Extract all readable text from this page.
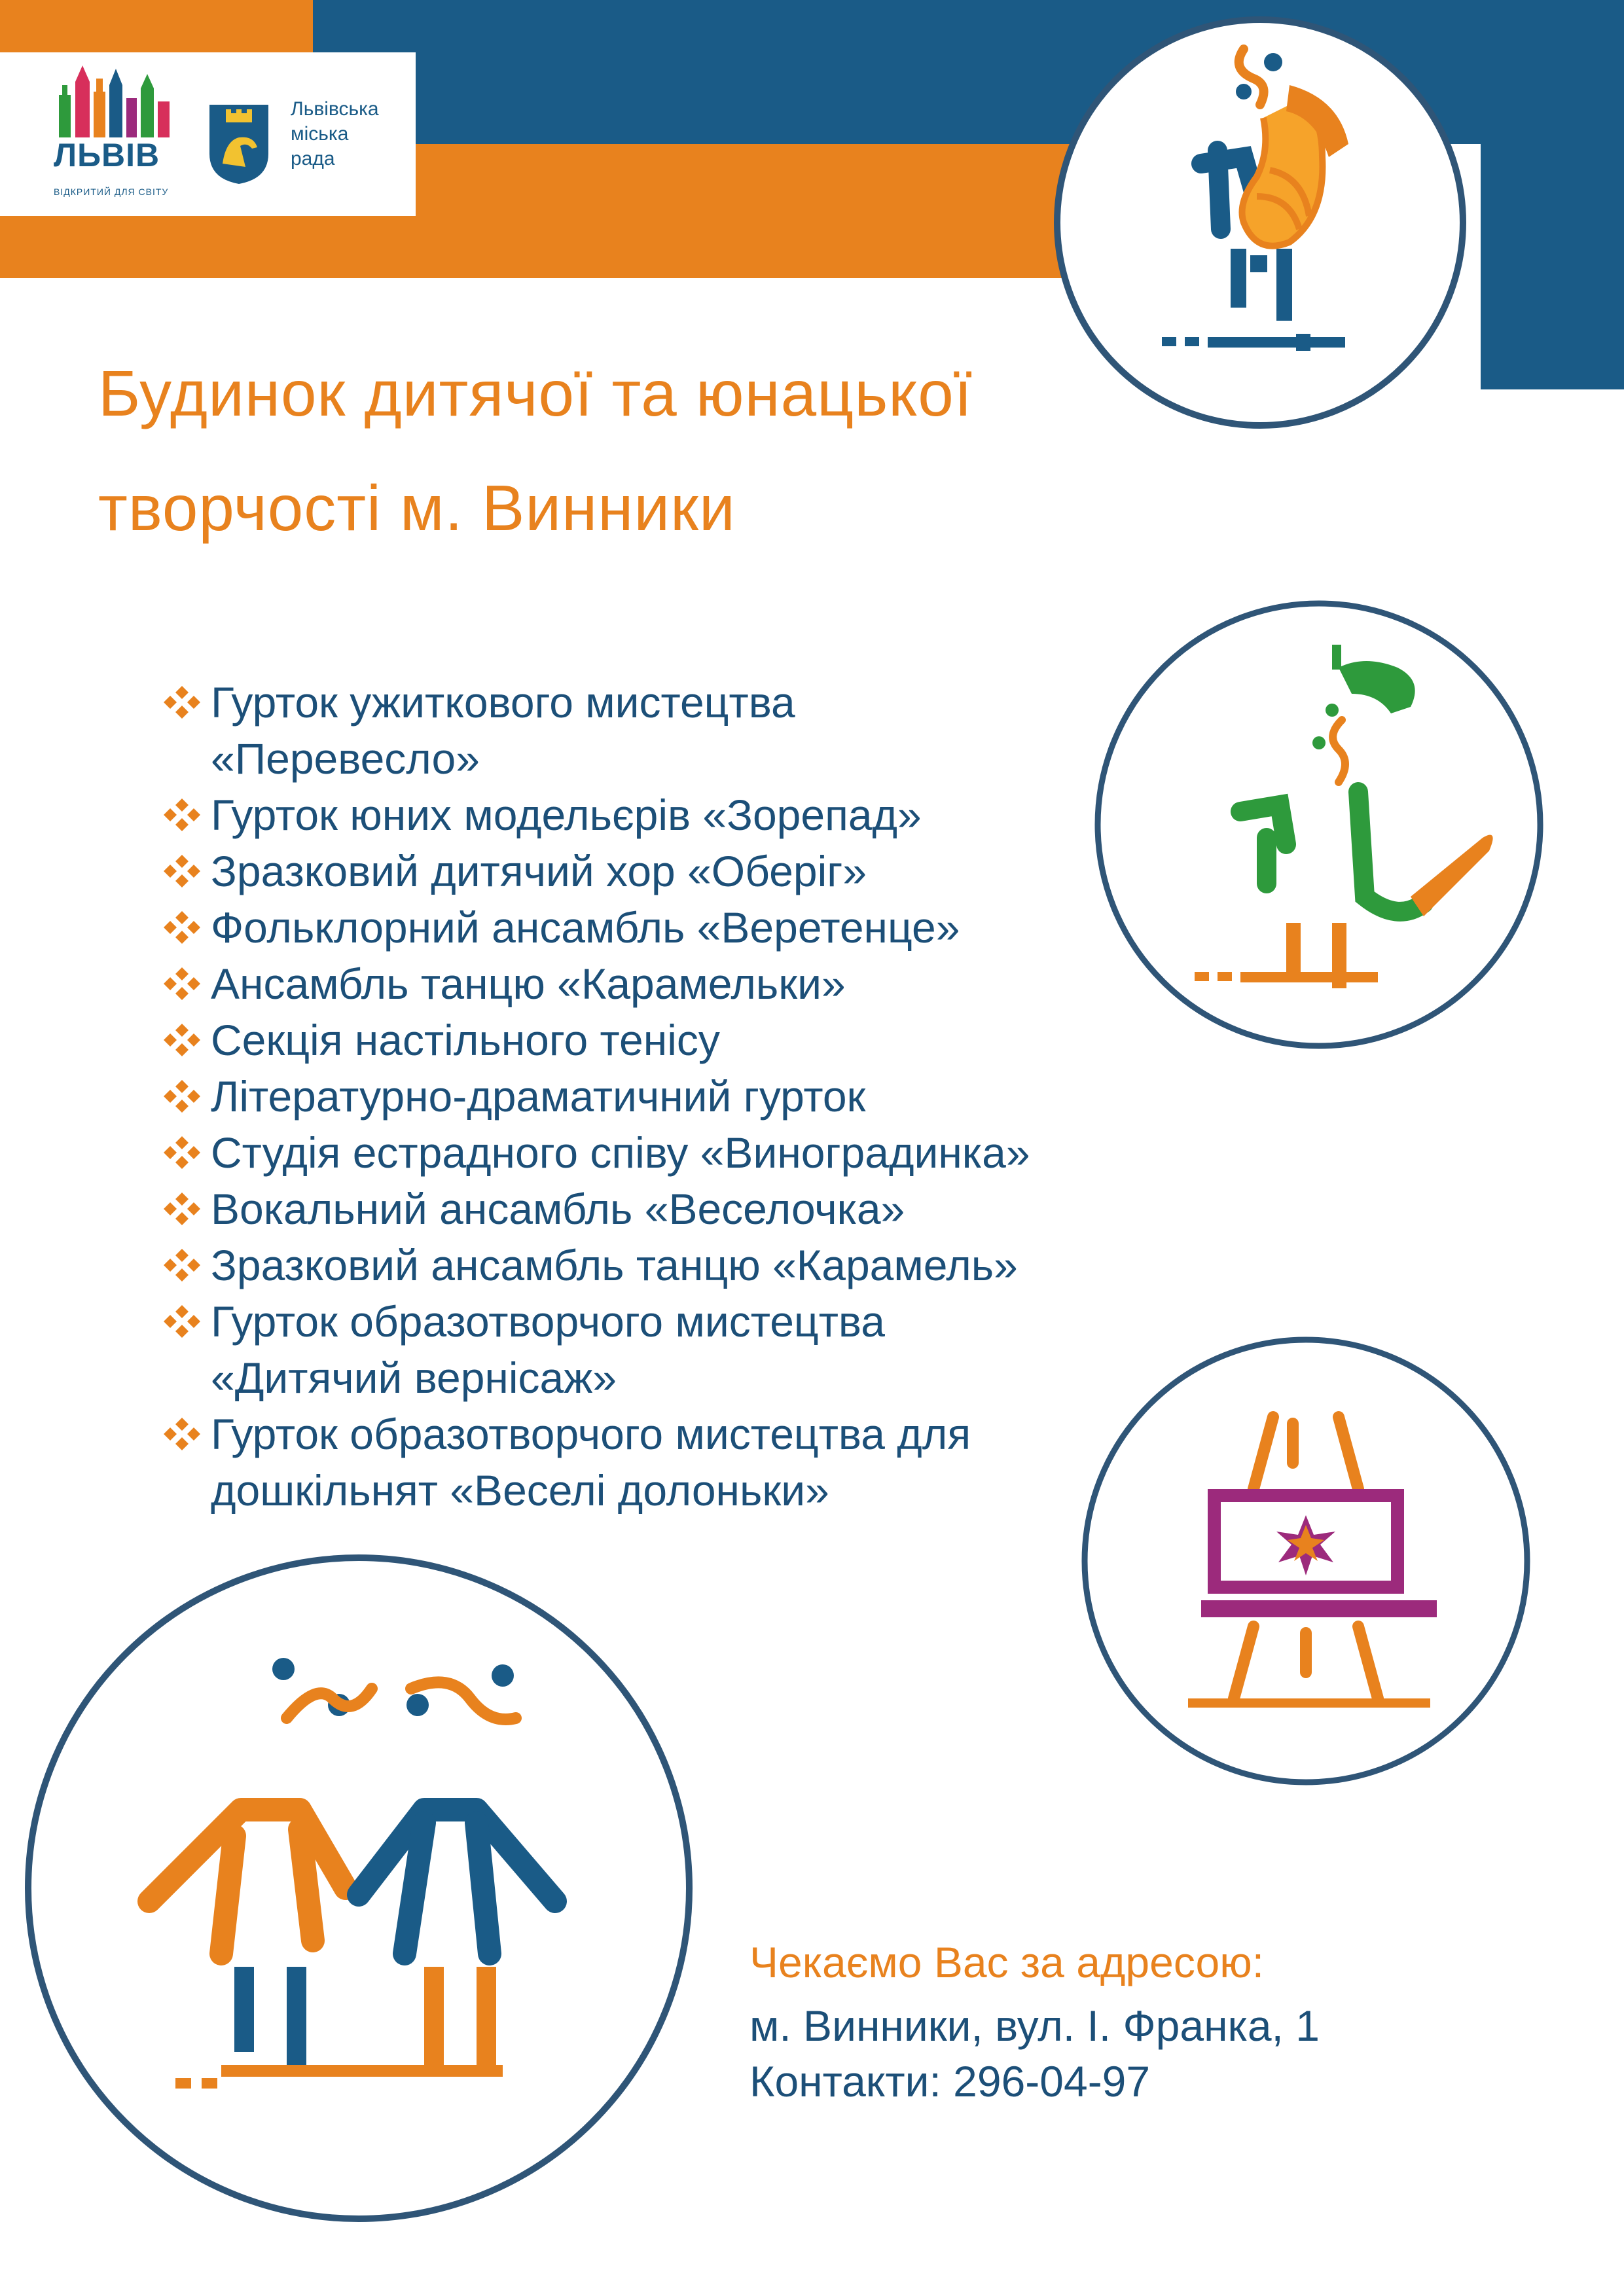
ЛЬВІВ
ВІДКРИТИЙ ДЛЯ СВІТУ
Львівська
міська
рада
Будинок дитячої та юнацької
творчості м. Винники
Гурток ужиткового мистецтва
«Перевесло»
Гурток юних модельєрів «Зорепад»
Зразковий дитячий хор «Оберіг»
Фольклорний ансамбль «Веретенце»
Ансамбль танцю «Карамельки»
Секція настільного тенісу
Літературно-драматичний гурток
Студія естрадного співу «Виноградинка»
Вокальний ансамбль «Веселочка»
Зразковий ансамбль танцю «Карамель»
Гурток образотворчого мистецтва
«Дитячий вернісаж»
Гурток образотворчого мистецтва для
дошкільнят «Веселі долоньки»
Чекаємо Вас за адресою:
м. Винники, вул. І. Франка, 1
Контакти: 296-04-97
